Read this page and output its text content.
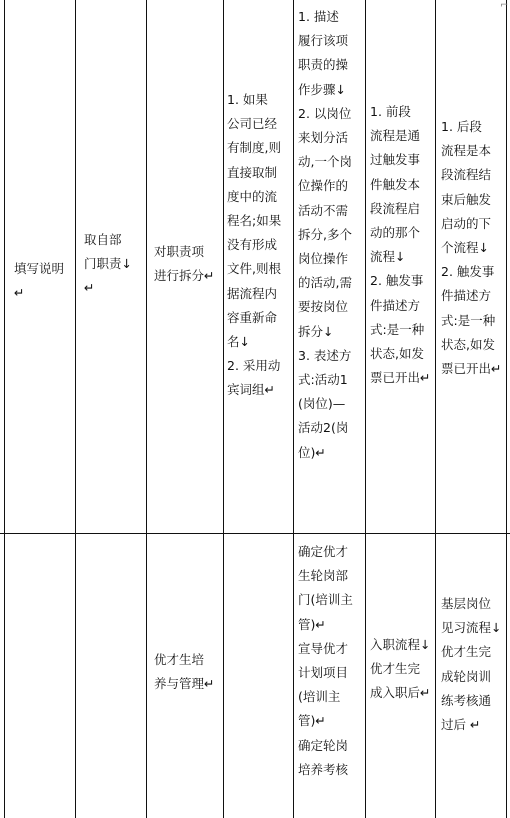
填写说明↵
取自部
门职责↓
↵
对职责项
进行拆分↵
1. 如果
公司已经
有制度,则
直接取制
度中的流
程名;如果
没有形成
文件,则根
据流程内
容重新命
名↓
2. 采用动
宾词组↵
1. 描述
履行该项
职责的操
作步骤↓
2. 以岗位
来划分活
动,一个岗
位操作的
活动不需
拆分,多个
岗位操作
的活动,需
要按岗位
拆分↓
3. 表述方
式:活动1
(岗位)—
活动2(岗
位)↵
1. 前段
流程是通
过触发事
件触发本
段流程启
动的那个
流程↓
2. 触发事
件描述方
式:是一种
状态,如发
票已开出↵
1. 后段
流程是本
段流程结
束后触发
启动的下
个流程↓
2. 触发事
件描述方
式:是一种
状态,如发
票已开出↵
优才生培
养与管理↵
确定优才
生轮岗部
门(培训主
管)↵
宣导优才
计划项目
(培训主
管)↵
确定轮岗
培养考核
入职流程↓
优才生完
成入职后↵
基层岗位
见习流程↓
优才生完
成轮岗训
练考核通
过后 ↵
⌐
